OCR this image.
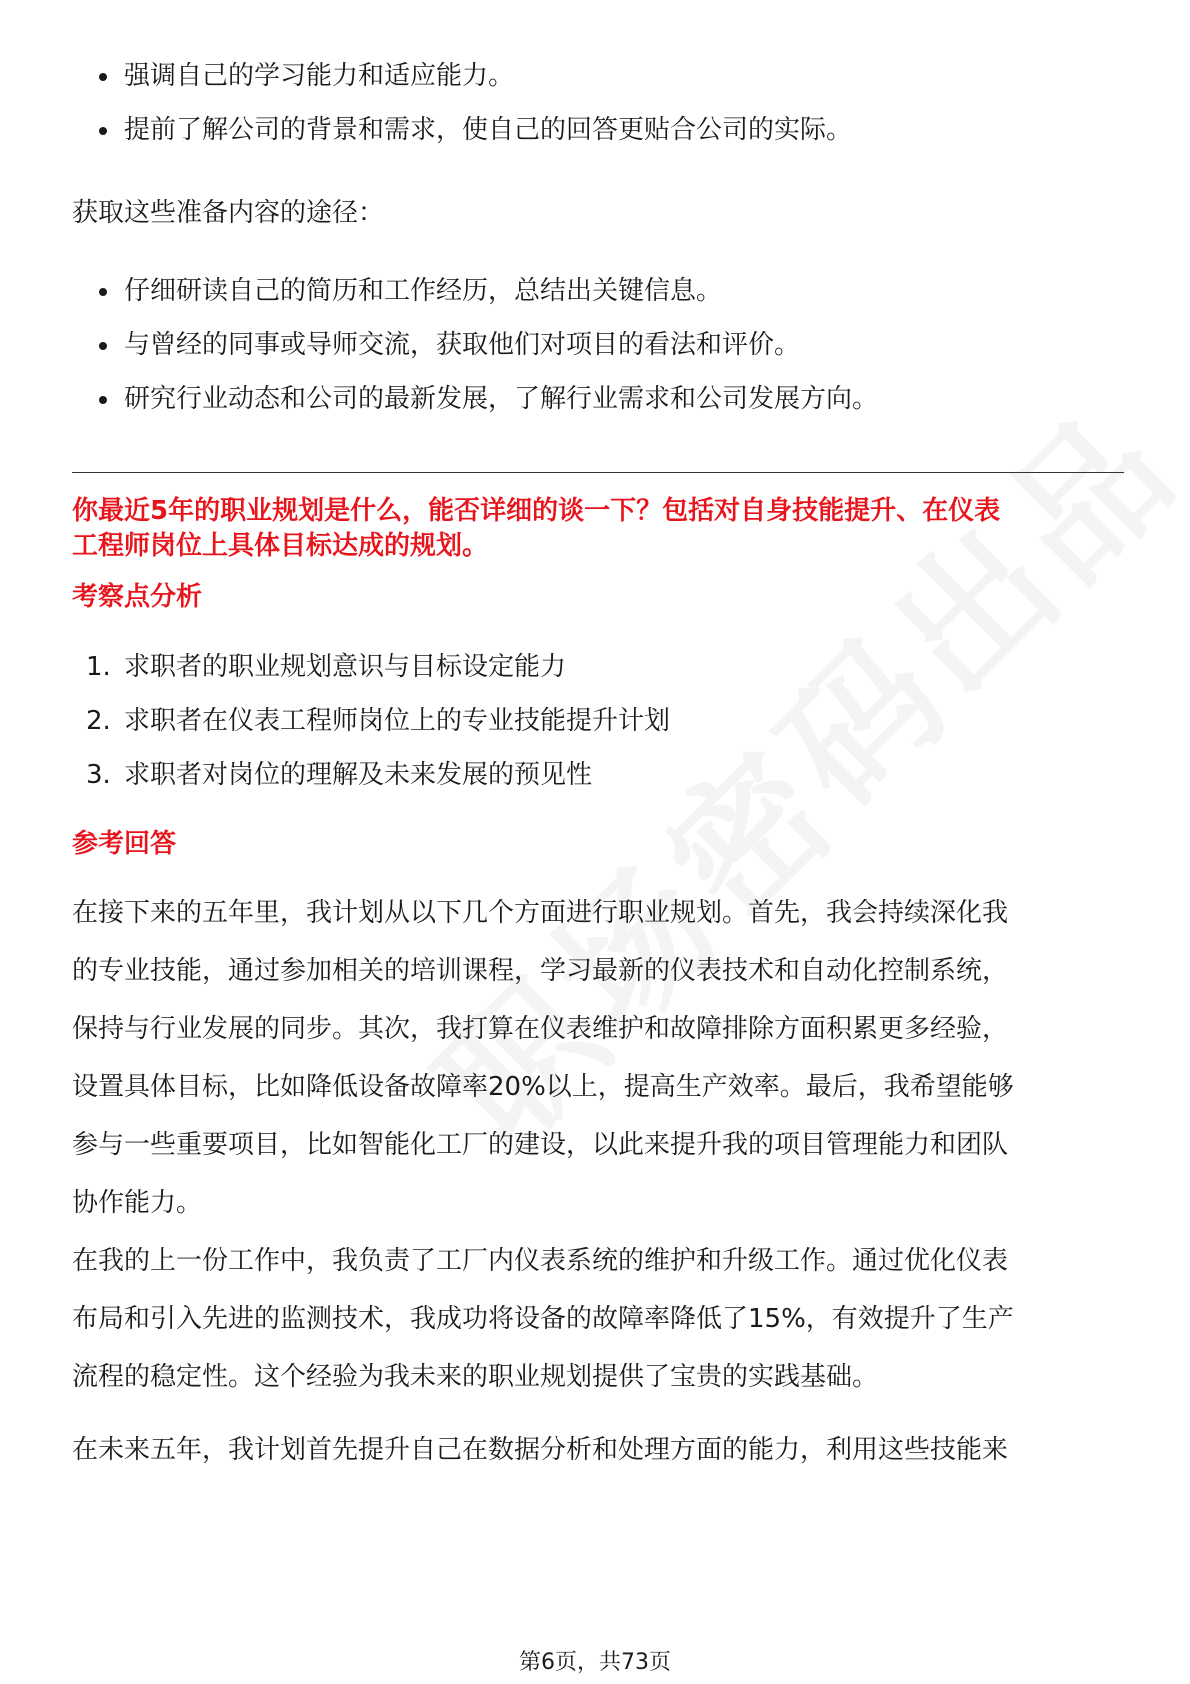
强调自己的学习能力和适应能力。
提前了解公司的背景和需求，使自己的回答更贴合公司的实际。

获取这些准备内容的途径：

仔细研读自己的简历和工作经历，总结出关键信息。
与曾经的同事或导师交流，获取他们对项目的看法和评价。
研究行业动态和公司的最新发展，了解行业需求和公司发展方向。

你最近5年的职业规划是什么，能否详细的谈一下？包括对自身技能提升、在仪表

工程师岗位上具体目标达成的规划。

考察点分析

1. 求职者的职业规划意识与目标设定能力
2. 求职者在仪表工程师岗位上的专业技能提升计划
3. 求职者对岗位的理解及未来发展的预见性

参考回答

在接下来的五年里，我计划从以下几个方面进行职业规划。首先，我会持续深化我

的专业技能，通过参加相关的培训课程，学习最新的仪表技术和自动化控制系统，

保持与行业发展的同步。其次，我打算在仪表维护和故障排除方面积累更多经验，

设置具体目标，比如降低设备故障率20%以上，提高生产效率。最后，我希望能够

参与一些重要项目，比如智能化工厂的建设，以此来提升我的项目管理能力和团队

协作能力。

在我的上一份工作中，我负责了工厂内仪表系统的维护和升级工作。通过优化仪表

布局和引入先进的监测技术，我成功将设备的故障率降低了15%，有效提升了生产

流程的稳定性。这个经验为我未来的职业规划提供了宝贵的实践基础。

在未来五年，我计划首先提升自己在数据分析和处理方面的能力，利用这些技能来

第6页，共73页
